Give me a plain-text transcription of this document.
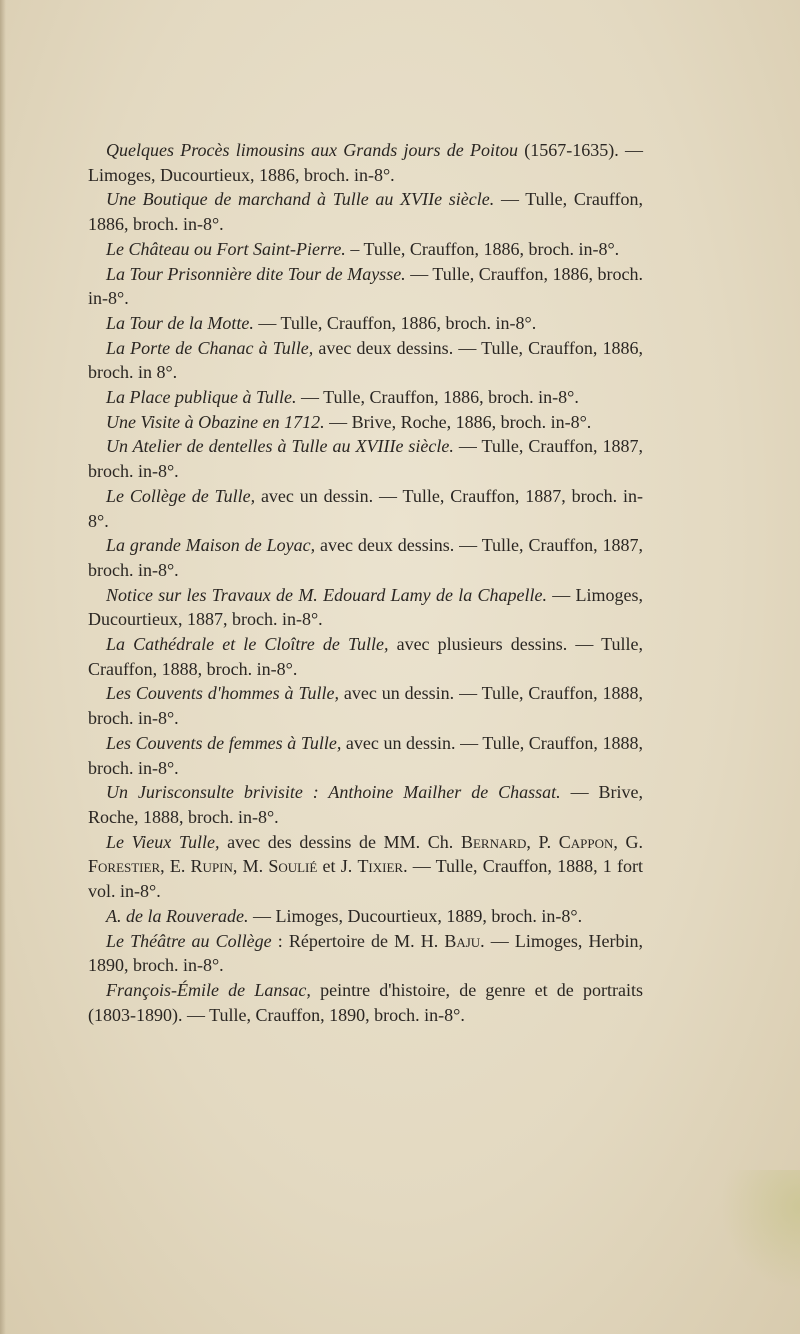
Quelques Procès limousins aux Grands jours de Poitou (1567-1635). — Limoges, Ducourtieux, 1886, broch. in-8°.

Une Boutique de marchand à Tulle au XVIIe siècle. — Tulle, Crauffon, 1886, broch. in-8°.

Le Château ou Fort Saint-Pierre. – Tulle, Crauffon, 1886, broch. in-8°.

La Tour Prisonnière dite Tour de Maysse. — Tulle, Crauffon, 1886, broch. in-8°.

La Tour de la Motte. — Tulle, Crauffon, 1886, broch. in-8°.

La Porte de Chanac à Tulle, avec deux dessins. — Tulle, Crauffon, 1886, broch. in 8°.

La Place publique à Tulle. — Tulle, Crauffon, 1886, broch. in-8°.

Une Visite à Obazine en 1712. — Brive, Roche, 1886, broch. in-8°.

Un Atelier de dentelles à Tulle au XVIIIe siècle. — Tulle, Crauffon, 1887, broch. in-8°.

Le Collège de Tulle, avec un dessin. — Tulle, Crauffon, 1887, broch. in-8°.

La grande Maison de Loyac, avec deux dessins. — Tulle, Crauffon, 1887, broch. in-8°.

Notice sur les Travaux de M. Edouard Lamy de la Chapelle. — Limoges, Ducourtieux, 1887, broch. in-8°.

La Cathédrale et le Cloître de Tulle, avec plusieurs dessins. — Tulle, Crauffon, 1888, broch. in-8°.

Les Couvents d'hommes à Tulle, avec un dessin. — Tulle, Crauffon, 1888, broch. in-8°.

Les Couvents de femmes à Tulle, avec un dessin. — Tulle, Crauffon, 1888, broch. in-8°.

Un Jurisconsulte brivisite : Anthoine Mailher de Chassat. — Brive, Roche, 1888, broch. in-8°.

Le Vieux Tulle, avec des dessins de MM. Ch. Bernard, P. Cappon, G. Forestier, E. Rupin, M. Soulié et J. Tixier. — Tulle, Crauffon, 1888, 1 fort vol. in-8°.

A. de la Rouverade. — Limoges, Ducourtieux, 1889, broch. in-8°.

Le Théâtre au Collège : Répertoire de M. H. Baju. — Limoges, Herbin, 1890, broch. in-8°.

François-Émile de Lansac, peintre d'histoire, de genre et de portraits (1803-1890). — Tulle, Crauffon, 1890, broch. in-8°.
